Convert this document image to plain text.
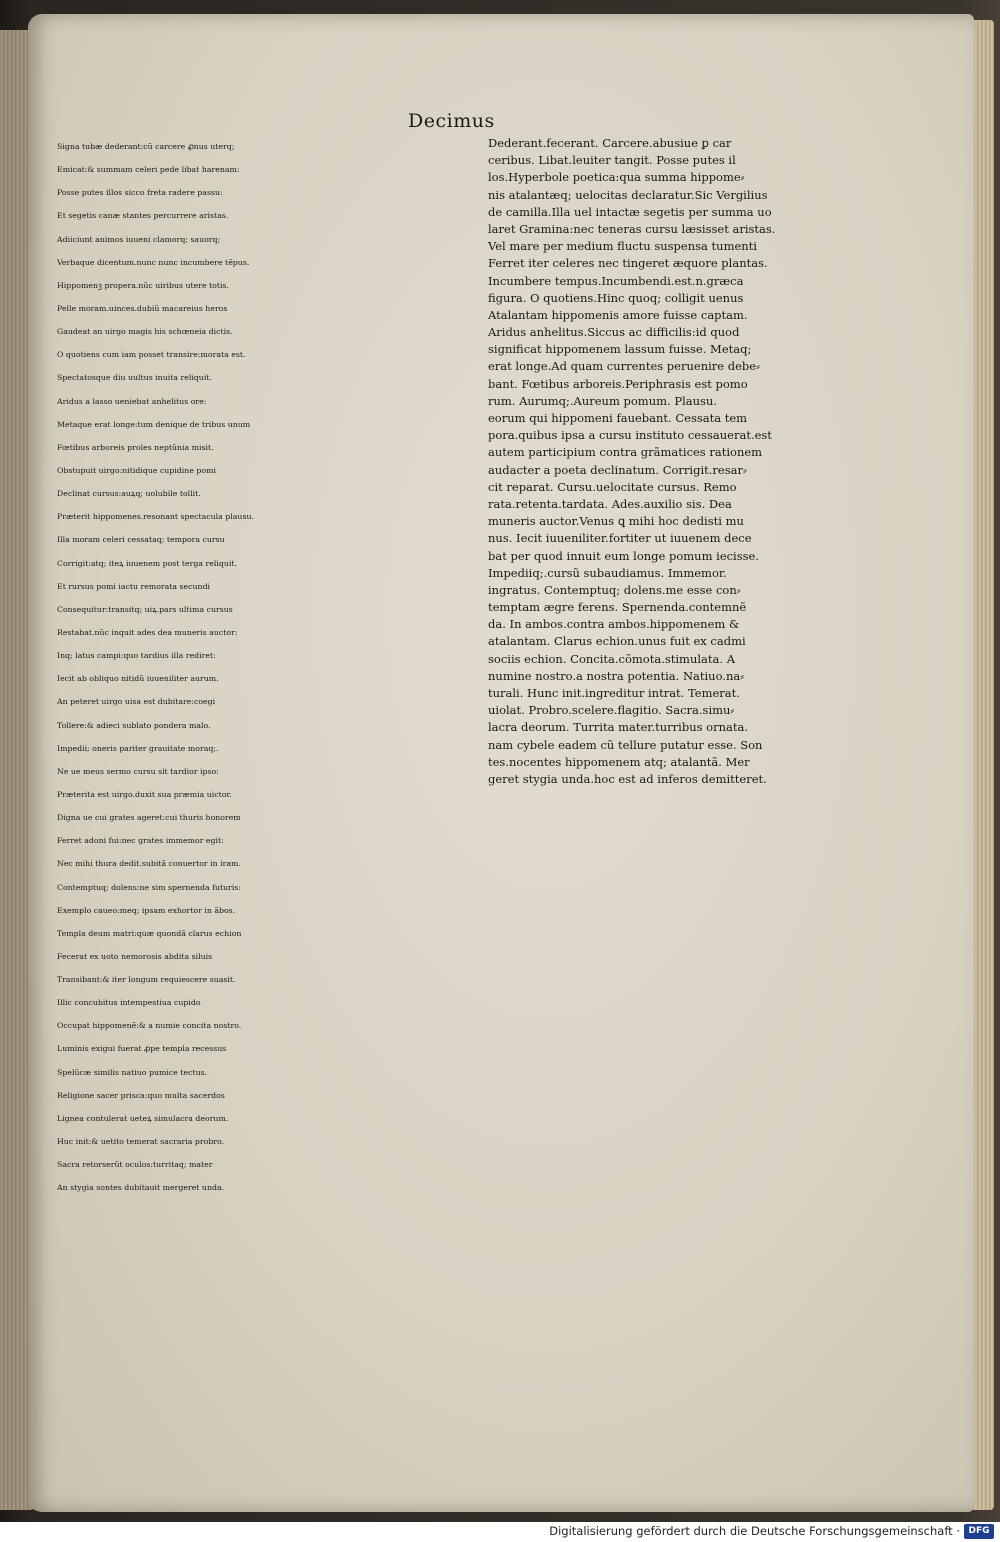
Decimus
Signa tubæ dederant:cũ carcere ꝓnus uterq;
Emicat:& summam celeri pede libat harenam:
Posse putes illos sicco freta radere passu:
Et segetis canæ stantes percurrere aristas.
Adiiciunt animos iuueni clamorq; sauorq;
Verbaque dicentum.nunc nunc incumbere tẽpus.
Hippomenꝫ propera.nũc uiribus utere totis.
Pelle moram.uinces.dubiũ macareius heros
Gaudeat an uirgo magis his schœneia dictis.
O quotiens cum iam posset transire:morata est.
Spectatosque diu uultus inuita reliquit.
Aridus a lasso ueniebat anhelitus ore:
Metaque erat longe:tum denique de tribus unum
Fœtibus arboreis proles neptũnia misit.
Obstupuit uirgo:nitidique cupidine pomi
Declinat cursus:auꝝq; uolubile tollit.
Præterit hippomenes.resonant spectacula plausu.
Illa moram celeri cessataq; tempora cursu
Corrigit:atq; iteꝝ iuuenem post terga reliquit.
Et rursus pomi iactu remorata secundi
Consequitur:transitq; uiꝝ.pars ultima cursus
Restabat.nũc inquit ades dea muneris auctor:
Inq; latus campi:quo tardius illa rediret:
Iecit ab obliquo nitidũ iuueniliter aurum.
An peteret uirgo uisa est dubitare:coegi
Tollere:& adieci sublato pondera malo.
Impedii; oneris pariter grauitate moraq;.
Ne ue meus sermo cursu sit tardior ipso:
Præterita est uirgo.duxit sua præmia uictor.
Digna ue cui grates ageret:cui thuris honorem
Ferret adoni fui:nec grates immemor egit:
Nec mihi thura dedit.subitã conuertor in iram.
Contemptuq; dolens:ne sim spernenda futuris:
Exemplo caueo:meq; ipsam exhortor in ãbos.
Templa deum matri:quæ quondã clarus echion
Fecerat ex uoto nemorosis abdita siluis
Transibant:& iter longum requiescere suasit.
Illic concubitus intempestiua cupido
Occupat hippomenẽ:& a numie concita nostro.
Luminis exigui fuerat ꝓpe templa recessus
Spelũcæ similis natiuo pumice tectus.
Religione sacer prisca:quo multa sacerdos
Lignea contulerat ueteꝝ simulacra deorum.
Huc init:& uetito temerat sacraria probro.
Sacra retorserũt oculos:turritaq; mater
An stygia sontes dubitauit mergeret unda.
Dederant.fecerant. Carcere.abusiue ꝑ car
ceribus. Libat.leuiter tangit. Posse putes il
los.Hyperbole poetica:qua summa hippome⸗
nis atalantæq; uelocitas declaratur.Sic Vergilius
de camilla.Illa uel intactæ segetis per summa uo
laret Gramina:nec teneras cursu læsisset aristas.
Vel mare per medium fluctu suspensa tumenti
Ferret iter celeres nec tingeret æquore plantas.
Incumbere tempus.Incumbendi.est.n.græca
figura. O quotiens.Hinc quoq; colligit uenus
Atalantam hippomenis amore fuisse captam.
Aridus anhelitus.Siccus ac difficilis:id quod
significat hippomenem lassum fuisse. Metaq;
erat longe.Ad quam currentes peruenire debe⸗
bant. Fœtibus arboreis.Periphrasis est pomo
rum. Aurumq;.Aureum pomum. Plausu.
eorum qui hippomeni fauebant. Cessata tem
pora.quibus ipsa a cursu instituto cessauerat.est
autem participium contra grãmatices rationem
audacter a poeta declinatum. Corrigit.resar⸗
cit reparat. Cursu.uelocitate cursus. Remo
rata.retenta.tardata. Ades.auxilio sis. Dea
muneris auctor.Venus ꝗ mihi hoc dedisti mu
nus. Iecit iuueniliter.fortiter ut iuuenem dece
bat per quod innuit eum longe pomum iecisse.
Impediiq;.cursũ subaudiamus. Immemor.
ingratus. Contemptuq; dolens.me esse con⸗
temptam ægre ferens. Spernenda.contemnẽ
da. In ambos.contra ambos.hippomenem &
atalantam. Clarus echion.unus fuit ex cadmi
sociis echion. Concita.cõmota.stimulata. A
numine nostro.a nostra potentia. Natiuo.na⸗
turali. Hunc init.ingreditur intrat. Temerat.
uiolat. Probro.scelere.flagitio. Sacra.simu⸗
lacra deorum. Turrita mater.turribus ornata.
nam cybele eadem cũ tellure putatur esse. Son
tes.nocentes hippomenem atq; atalantã. Mer
geret stygia unda.hoc est ad inferos demitteret.
Digitalisierung gefördert durch die Deutsche Forschungsgemeinschaft · DFG
